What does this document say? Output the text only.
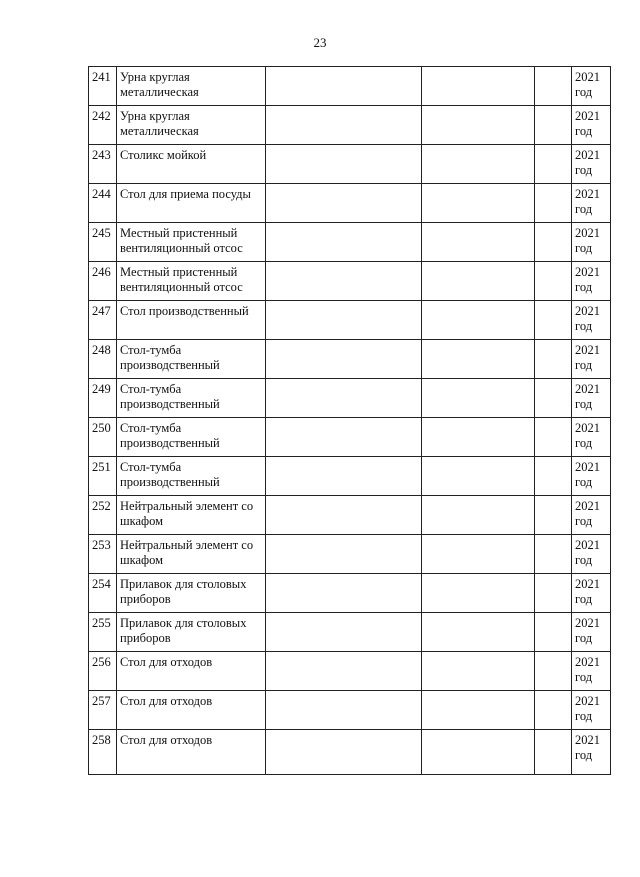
23
241	Урна круглая металлическая				2021 год
242	Урна круглая металлическая				2021 год
243	Столикс мойкой				2021 год
244	Стол для приема посуды				2021 год
245	Местный пристенный вентиляционный отсос				2021 год
246	Местный пристенный вентиляционный отсос				2021 год
247	Стол производственный				2021 год
248	Стол-тумба производственный				2021 год
249	Стол-тумба производственный				2021 год
250	Стол-тумба производственный				2021 год
251	Стол-тумба производственный				2021 год
252	Нейтральный элемент со шкафом				2021 год
253	Нейтральный элемент со шкафом				2021 год
254	Прилавок для столовых приборов				2021 год
255	Прилавок для столовых приборов				2021 год
256	Стол для отходов				2021 год
257	Стол для отходов				2021 год
258	Стол для отходов				2021 год
